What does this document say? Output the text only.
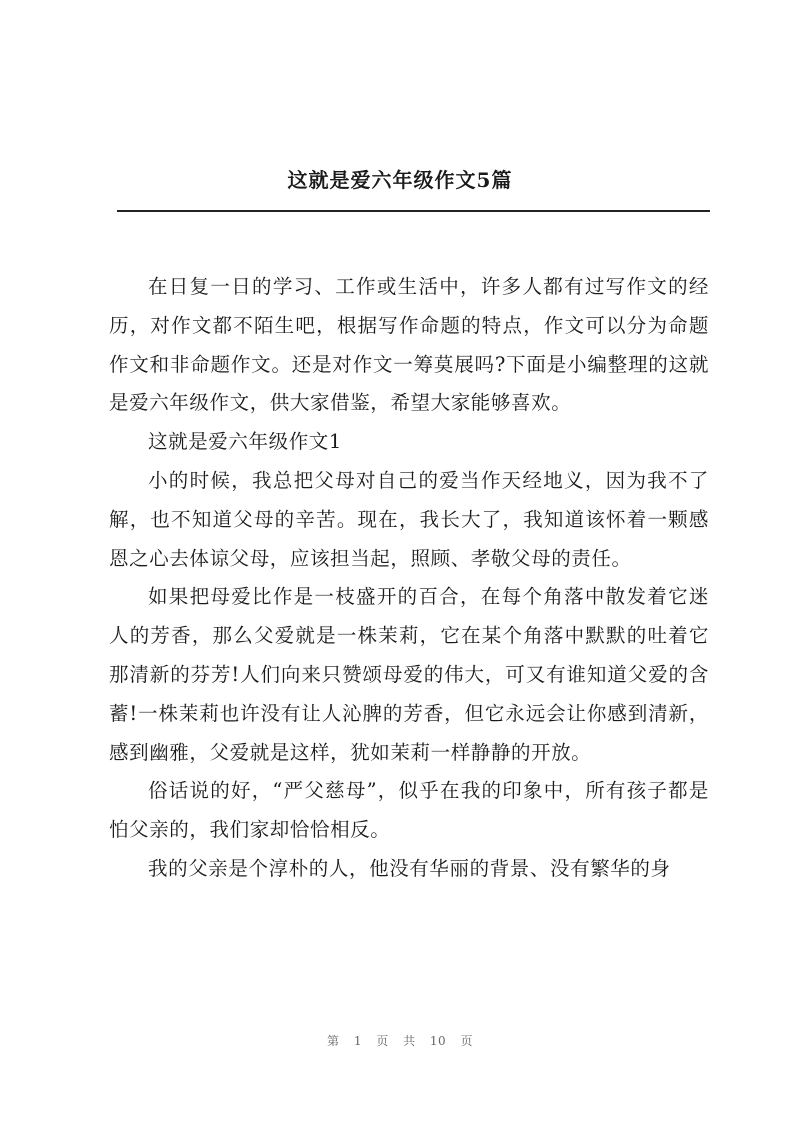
这就是爱六年级作文5篇

在日复一日的学习、工作或生活中，许多人都有过写作文的经历，对作文都不陌生吧，根据写作命题的特点，作文可以分为命题作文和非命题作文。还是对作文一筹莫展吗?下面是小编整理的这就是爱六年级作文，供大家借鉴，希望大家能够喜欢。

这就是爱六年级作文1

小的时候，我总把父母对自己的爱当作天经地义，因为我不了解，也不知道父母的辛苦。现在，我长大了，我知道该怀着一颗感恩之心去体谅父母，应该担当起，照顾、孝敬父母的责任。

如果把母爱比作是一枝盛开的百合，在每个角落中散发着它迷人的芳香，那么父爱就是一株茉莉，它在某个角落中默默的吐着它那清新的芬芳!人们向来只赞颂母爱的伟大，可又有谁知道父爱的含蓄!一株茉莉也许没有让人沁脾的芳香，但它永远会让你感到清新，感到幽雅，父爱就是这样，犹如茉莉一样静静的开放。

俗话说的好，“严父慈母”，似乎在我的印象中，所有孩子都是怕父亲的，我们家却恰恰相反。

我的父亲是个淳朴的人，他没有华丽的背景、没有繁华的身

第 1 页 共 10 页
